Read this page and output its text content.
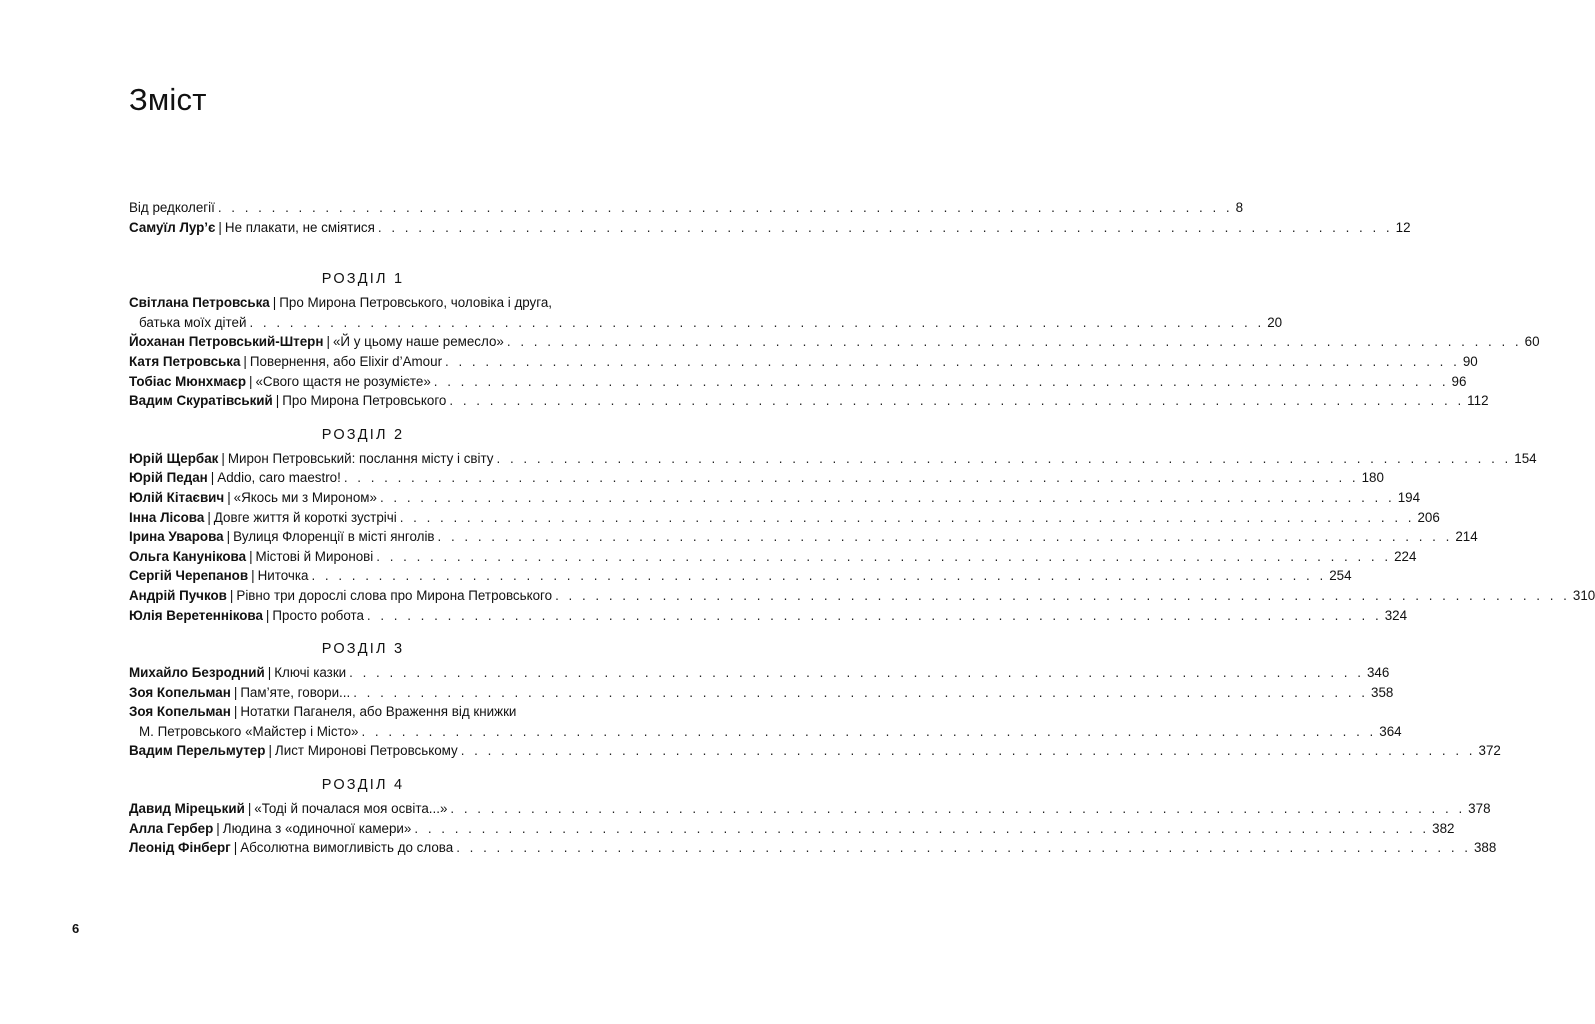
Зміст
Від редколегії . . . . . . . . . . . . . . . . . . . . . . . . . . . . . . . . . . . . . . . . . . . . . . . . . . . . . . . . . . . . . . . . . . . . . . . . . . . . 8
Самуїл Лур’є | Не плакати, не сміятися . . . . . . . . . . . . . . . . . . . . . . . . . . . . . . . . . . . . . . . . . . . . . . . . . . . . . . . . . . . . . . . . . . . . . . . . . . . . 12
РОЗДІЛ 1
Світлана Петровська | Про Мирона Петровського, чоловіка і друга,
батька моїх дітей . . . . . . . . . . . . . . . . . . . . . . . . . . . . . . . . . . . . . . . . . . . . . . . . . . . . . . . . . . . . . . . . . . . . . . . . . . . . 20
Йоханан Петровський-Штерн | «Й у цьому наше ремесло» . . . . . . . . . . . . . . . . . . . . . . . . . . . . . . . . . . . . . . . . . . . . . . . . . . . . . . . . . . . . . . . . . . . . . . . . . . . . 60
Катя Петровська | Повернення, або Elixir d’Amour . . . . . . . . . . . . . . . . . . . . . . . . . . . . . . . . . . . . . . . . . . . . . . . . . . . . . . . . . . . . . . . . . . . . . . . . . . . . 90
Тобіас Мюнхмаєр | «Свого щастя не розумієте» . . . . . . . . . . . . . . . . . . . . . . . . . . . . . . . . . . . . . . . . . . . . . . . . . . . . . . . . . . . . . . . . . . . . . . . . . . . . 96
Вадим Скуратівський | Про Мирона Петровського . . . . . . . . . . . . . . . . . . . . . . . . . . . . . . . . . . . . . . . . . . . . . . . . . . . . . . . . . . . . . . . . . . . . . . . . . . . . 112
РОЗДІЛ 2
Юрій Щербак | Мирон Петровський: послання місту і світу . . . . . . . . . . . . . . . . . . . . . . . . . . . . . . . . . . . . . . . . . . . . . . . . . . . . . . . . . . . . . . . . . . . . . . . . . . . . 154
Юрій Педан | Addio, caro maestro! . . . . . . . . . . . . . . . . . . . . . . . . . . . . . . . . . . . . . . . . . . . . . . . . . . . . . . . . . . . . . . . . . . . . . . . . . . . . 180
Юлій Кітаєвич | «Якось ми з Мироном» . . . . . . . . . . . . . . . . . . . . . . . . . . . . . . . . . . . . . . . . . . . . . . . . . . . . . . . . . . . . . . . . . . . . . . . . . . . . 194
Інна Лісова | Довге життя й короткі зустрічі . . . . . . . . . . . . . . . . . . . . . . . . . . . . . . . . . . . . . . . . . . . . . . . . . . . . . . . . . . . . . . . . . . . . . . . . . . . . 206
Ірина Уварова | Вулиця Флоренції в місті янголів . . . . . . . . . . . . . . . . . . . . . . . . . . . . . . . . . . . . . . . . . . . . . . . . . . . . . . . . . . . . . . . . . . . . . . . . . . . . 214
Ольга Канунікова | Містові й Миронові . . . . . . . . . . . . . . . . . . . . . . . . . . . . . . . . . . . . . . . . . . . . . . . . . . . . . . . . . . . . . . . . . . . . . . . . . . . . 224
Сергій Черепанов | Ниточка . . . . . . . . . . . . . . . . . . . . . . . . . . . . . . . . . . . . . . . . . . . . . . . . . . . . . . . . . . . . . . . . . . . . . . . . . . . . 254
Андрій Пучков | Рівно три дорослі слова про Мирона Петровського . . . . . . . . . . . . . . . . . . . . . . . . . . . . . . . . . . . . . . . . . . . . . . . . . . . . . . . . . . . . . . . . . . . . . . . . . . . . 310
Юлія Веретеннікова | Просто робота . . . . . . . . . . . . . . . . . . . . . . . . . . . . . . . . . . . . . . . . . . . . . . . . . . . . . . . . . . . . . . . . . . . . . . . . . . . . 324
РОЗДІЛ 3
Михайло Безродний | Ключі казки . . . . . . . . . . . . . . . . . . . . . . . . . . . . . . . . . . . . . . . . . . . . . . . . . . . . . . . . . . . . . . . . . . . . . . . . . . . . 346
Зоя Копельман | Пам’яте, говори... . . . . . . . . . . . . . . . . . . . . . . . . . . . . . . . . . . . . . . . . . . . . . . . . . . . . . . . . . . . . . . . . . . . . . . . . . . . . 358
Зоя Копельман | Нотатки Паганеля, або Враження від книжки
М. Петровського «Майстер і Місто» . . . . . . . . . . . . . . . . . . . . . . . . . . . . . . . . . . . . . . . . . . . . . . . . . . . . . . . . . . . . . . . . . . . . . . . . . . . . 364
Вадим Перельмутер | Лист Миронові Петровському . . . . . . . . . . . . . . . . . . . . . . . . . . . . . . . . . . . . . . . . . . . . . . . . . . . . . . . . . . . . . . . . . . . . . . . . . . . . 372
РОЗДІЛ 4
Давид Мірецький | «Тоді й почалася моя освіта...» . . . . . . . . . . . . . . . . . . . . . . . . . . . . . . . . . . . . . . . . . . . . . . . . . . . . . . . . . . . . . . . . . . . . . . . . . . . . 378
Алла Гербер | Людина з «одиночної камери» . . . . . . . . . . . . . . . . . . . . . . . . . . . . . . . . . . . . . . . . . . . . . . . . . . . . . . . . . . . . . . . . . . . . . . . . . . . . 382
Леонід Фінберг | Абсолютна вимогливість до слова . . . . . . . . . . . . . . . . . . . . . . . . . . . . . . . . . . . . . . . . . . . . . . . . . . . . . . . . . . . . . . . . . . . . . . . . . . . . 388
6
